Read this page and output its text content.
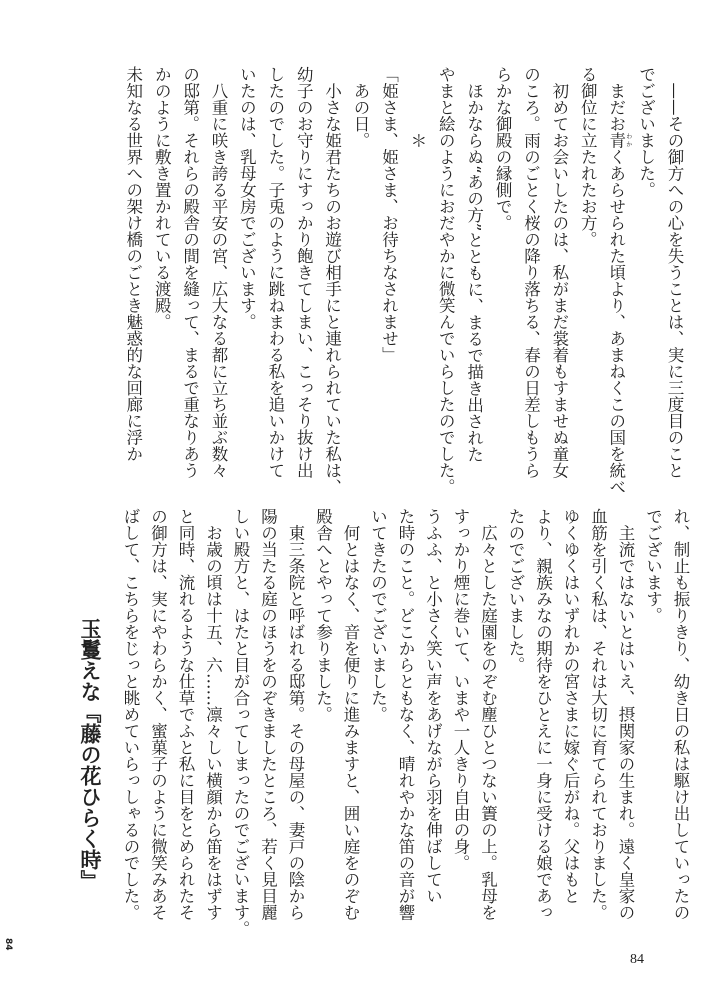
　——その御方への心を失うことは、実に三度目のこと
でございました。
　まだお青 わかくあらせられた頃より、あまねくこの国を統べ
る御位に立たれたお方。
　初めてお会いしたのは、私がまだ裳着もすませぬ童女
のころ。雨のごとく桜の降り落ちる、春の日差しもうら
らかな御殿の縁側で。
　ほかならぬ“あの方”とともに、まるで描き出された
やまと絵のようにおだやかに微笑んでいらしたのでした。
　　　　＊
「姫さま、姫さま、お待ちなされませ」
　あの日。
　小さな姫君たちのお遊び相手にと連れられていた私は、
幼子のお守りにすっかり飽きてしまい、こっそり抜け出
したのでした。子兎のように跳ねまわる私を追いかけて
いたのは、乳母女房でございます。
　八重に咲き誇る平安の宮、広大なる都に立ち並ぶ数々
の邸第。それらの殿舎の間を縫って、まるで重なりあう
かのように敷き置かれている渡殿。
未知なる世界への架け橋のごとき魅惑的な回廊に浮か
れ、制止も振りきり、幼き日の私は駆け出していったの
でございます。
　主流ではないとはいえ、摂関家の生まれ。遠く皇家の
血筋を引く私は、それは大切に育てられておりました。
ゆくゆくはいずれかの宮さまに嫁ぐ后がね。父はもと
より、親族みなの期待をひとえに一身に受ける娘であっ
たのでございました。
　広々とした庭園をのぞむ塵ひとつない簀の上。乳母を
すっかり煙に巻いて、いまや一人きり自由の身。
うふふ、と小さく笑い声をあげながら羽を伸ばしてい
た時のこと。どこからともなく、晴れやかな笛の音が響
いてきたのでございました。
　何とはなく、音を便りに進みますと、囲い庭をのぞむ
殿舎へとやって参りました。
　東三条院と呼ばれる邸第。その母屋の、妻戸の陰から
陽の当たる庭のほうをのぞきましたところ、若く見目麗
しい殿方と、はたと目が合ってしまったのでございます。
　お歳の頃は十五、六……凛々しい横顔から笛をはずす
と同時、流れるような仕草でふと私に目をとめられたそ
の御方は、実にやわらかく、蜜菓子のように微笑みあそ
ばして、こちらをじっと眺めていらっしゃるのでした。
玉鬘えな『藤の花ひらく時』
84
84
